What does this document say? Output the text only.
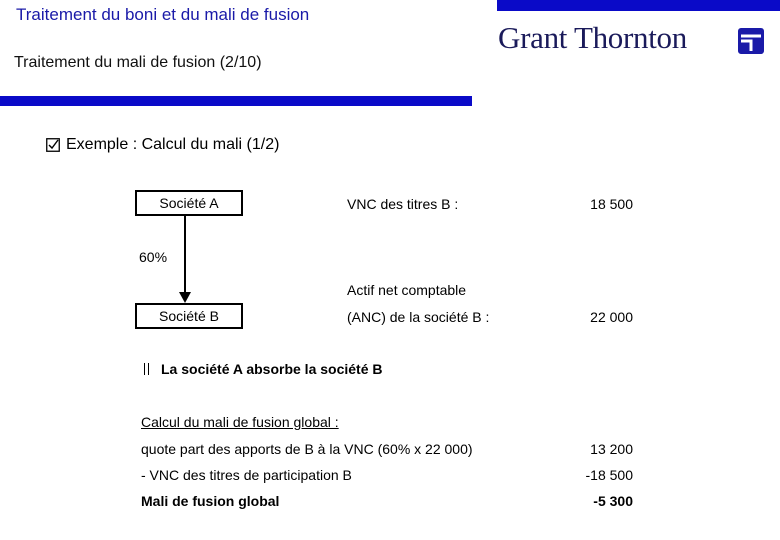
Traitement du boni et du mali de fusion
Traitement du mali de fusion (2/10)
Grant Thornton
Exemple : Calcul du mali (1/2)
Société A
60%
Société B
VNC des titres B :	18 500
Actif net comptable
(ANC) de la société B :	22 000
La société A absorbe la société B
Calcul du mali de fusion global :
quote part des apports de B à la VNC (60% x 22 000)	13 200
- VNC des titres de participation B	-18 500
Mali de fusion global	-5 300
